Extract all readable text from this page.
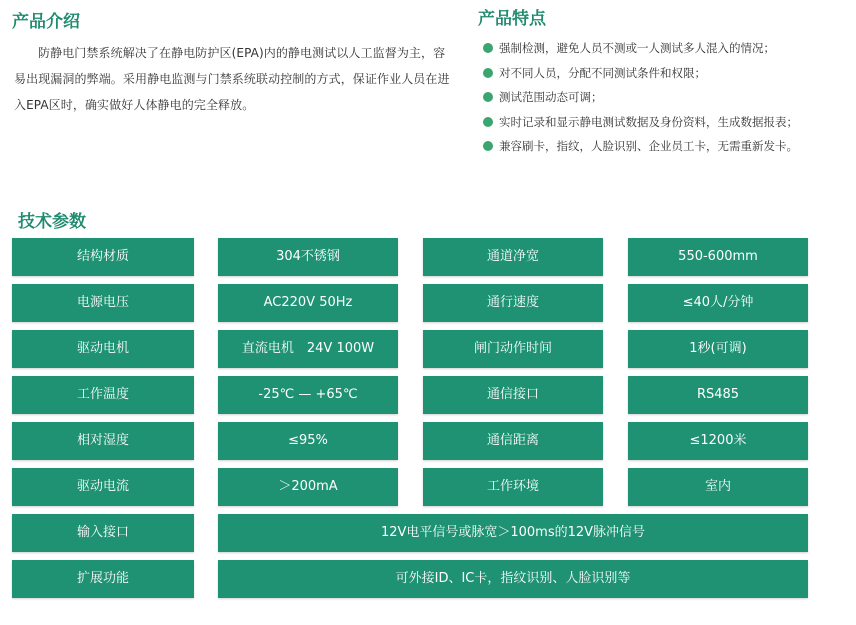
产品介绍

防静电门禁系统解决了在静电防护区(EPA)内的静电测试以人工监督为主，容易出现漏洞的弊端。采用静电监测与门禁系统联动控制的方式，保证作业人员在进入EPA区时，确实做好人体静电的完全释放。

产品特点
强制检测，避免人员不测或一人测试多人混入的情况；
对不同人员，分配不同测试条件和权限；
测试范围动态可调；
实时记录和显示静电测试数据及身份资料，生成数据报表；
兼容刷卡，指纹，人脸识别、企业员工卡，无需重新发卡。
技术参数
结构材质	304不锈钢	通道净宽	550-600mm
电源电压	AC220V 50Hz	通行速度	≤40人/分钟
驱动电机	直流电机　24V 100W	闸门动作时间	1秒(可调)
工作温度	-25℃ — +65℃	通信接口	RS485
相对湿度	≤95%	通信距离	≤1200米
驱动电流	＞200mA	工作环境	室内
输入接口	12V电平信号或脉宽＞100ms的12V脉冲信号
扩展功能	可外接ID、IC卡，指纹识别、人脸识别等
